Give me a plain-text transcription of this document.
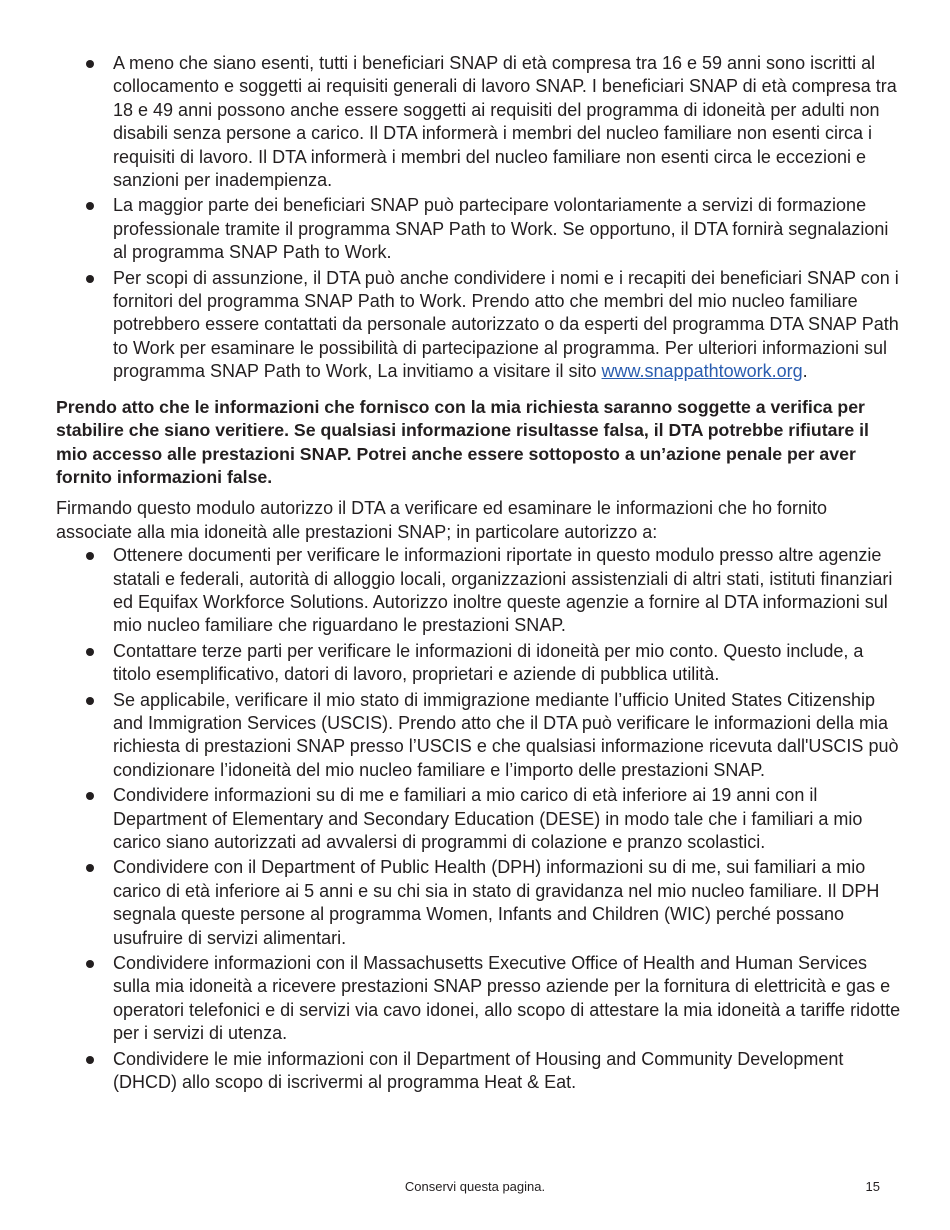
A meno che siano esenti, tutti i beneficiari SNAP di età compresa tra 16 e 59 anni sono iscritti al collocamento e soggetti ai requisiti generali di lavoro SNAP. I beneficiari SNAP di età compresa tra 18 e 49 anni possono anche essere soggetti ai requisiti del programma di idoneità per adulti non disabili senza persone a carico. Il DTA informerà i membri del nucleo familiare non esenti circa i requisiti di lavoro. Il DTA informerà i membri del nucleo familiare non esenti circa le eccezioni e sanzioni per inadempienza.
La maggior parte dei beneficiari SNAP può partecipare volontariamente a servizi di formazione professionale tramite il programma SNAP Path to Work. Se opportuno, il DTA fornirà segnalazioni al programma SNAP Path to Work.
Per scopi di assunzione, il DTA può anche condividere i nomi e i recapiti dei beneficiari SNAP con i fornitori del programma SNAP Path to Work. Prendo atto che membri del mio nucleo familiare potrebbero essere contattati da personale autorizzato o da esperti del programma DTA SNAP Path to Work per esaminare le possibilità di partecipazione al programma. Per ulteriori informazioni sul programma SNAP Path to Work, La invitiamo a visitare il sito www.snappathtowork.org.

Prendo atto che le informazioni che fornisco con la mia richiesta saranno soggette a verifica per stabilire che siano veritiere. Se qualsiasi informazione risultasse falsa, il DTA potrebbe rifiutare il mio accesso alle prestazioni SNAP. Potrei anche essere sottoposto a un’azione penale per aver fornito informazioni false.

Firmando questo modulo autorizzo il DTA a verificare ed esaminare le informazioni che ho fornito associate alla mia idoneità alle prestazioni SNAP; in particolare autorizzo a:

Ottenere documenti per verificare le informazioni riportate in questo modulo presso altre agenzie statali e federali, autorità di alloggio locali, organizzazioni assistenziali di altri stati, istituti finanziari ed Equifax Workforce Solutions. Autorizzo inoltre queste agenzie a fornire al DTA informazioni sul mio nucleo familiare che riguardano le prestazioni SNAP.
Contattare terze parti per verificare le informazioni di idoneità per mio conto. Questo include, a titolo esemplificativo, datori di lavoro, proprietari e aziende di pubblica utilità.
Se applicabile, verificare il mio stato di immigrazione mediante l’ufficio United States Citizenship and Immigration Services (USCIS). Prendo atto che il DTA può verificare le informazioni della mia richiesta di prestazioni SNAP presso l’USCIS e che qualsiasi informazione ricevuta dall'USCIS può condizionare l’idoneità del mio nucleo familiare e l’importo delle prestazioni SNAP.
Condividere informazioni su di me e familiari a mio carico di età inferiore ai 19 anni con il Department of Elementary and Secondary Education (DESE) in modo tale che i familiari a mio carico siano autorizzati ad avvalersi di programmi di colazione e pranzo scolastici.
Condividere con il Department of Public Health (DPH) informazioni su di me, sui familiari a mio carico di età inferiore ai 5 anni e su chi sia in stato di gravidanza nel mio nucleo familiare. Il DPH segnala queste persone al programma Women, Infants and Children (WIC) perché possano usufruire di servizi alimentari.
Condividere informazioni con il Massachusetts Executive Office of Health and Human Services sulla mia idoneità a ricevere prestazioni SNAP presso aziende per la fornitura di elettricità e gas e operatori telefonici e di servizi via cavo idonei, allo scopo di attestare la mia idoneità a tariffe ridotte per i servizi di utenza.
Condividere le mie informazioni con il Department of Housing and Community Development (DHCD) allo scopo di iscrivermi al programma Heat & Eat.
Conservi questa pagina.	15
